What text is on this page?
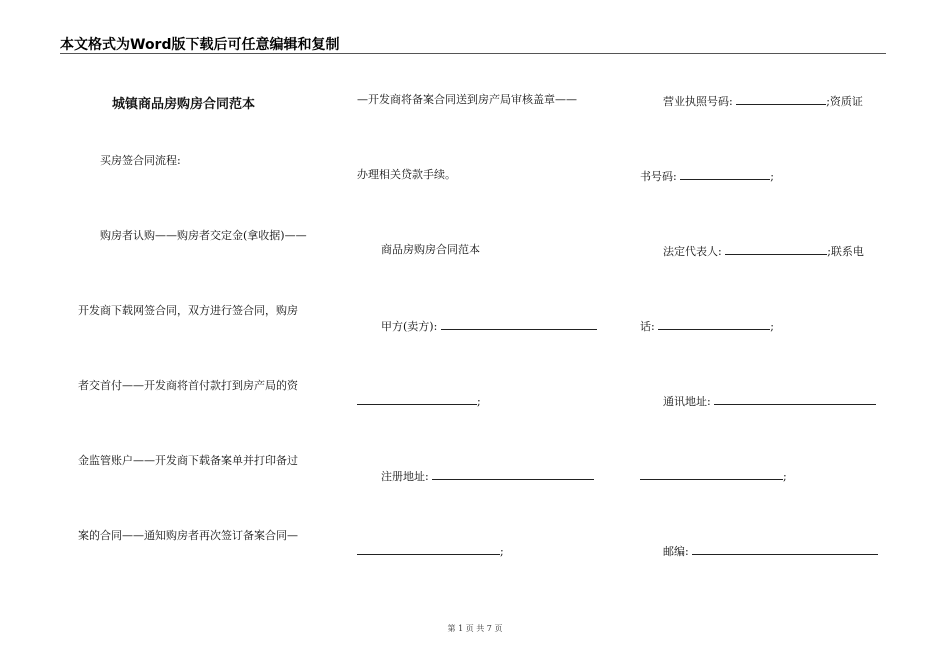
本文格式为Word版下载后可任意编辑和复制
城镇商品房购房合同范本
买房签合同流程:
购房者认购——购房者交定金(拿收据)——
开发商下载网签合同，双方进行签合同，购房
者交首付——开发商将首付款打到房产局的资
金监管账户——开发商下载备案单并打印备过
案的合同——通知购房者再次签订备案合同—
—开发商将备案合同送到房产局审核盖章——
办理相关贷款手续。
商品房购房合同范本
甲方(卖方):
;
注册地址:
;
营业执照号码:	;资质证
书号码:	;
法定代表人:	;联系电
话:	;
通讯地址:
;
邮编:
第 1 页 共 7 页
